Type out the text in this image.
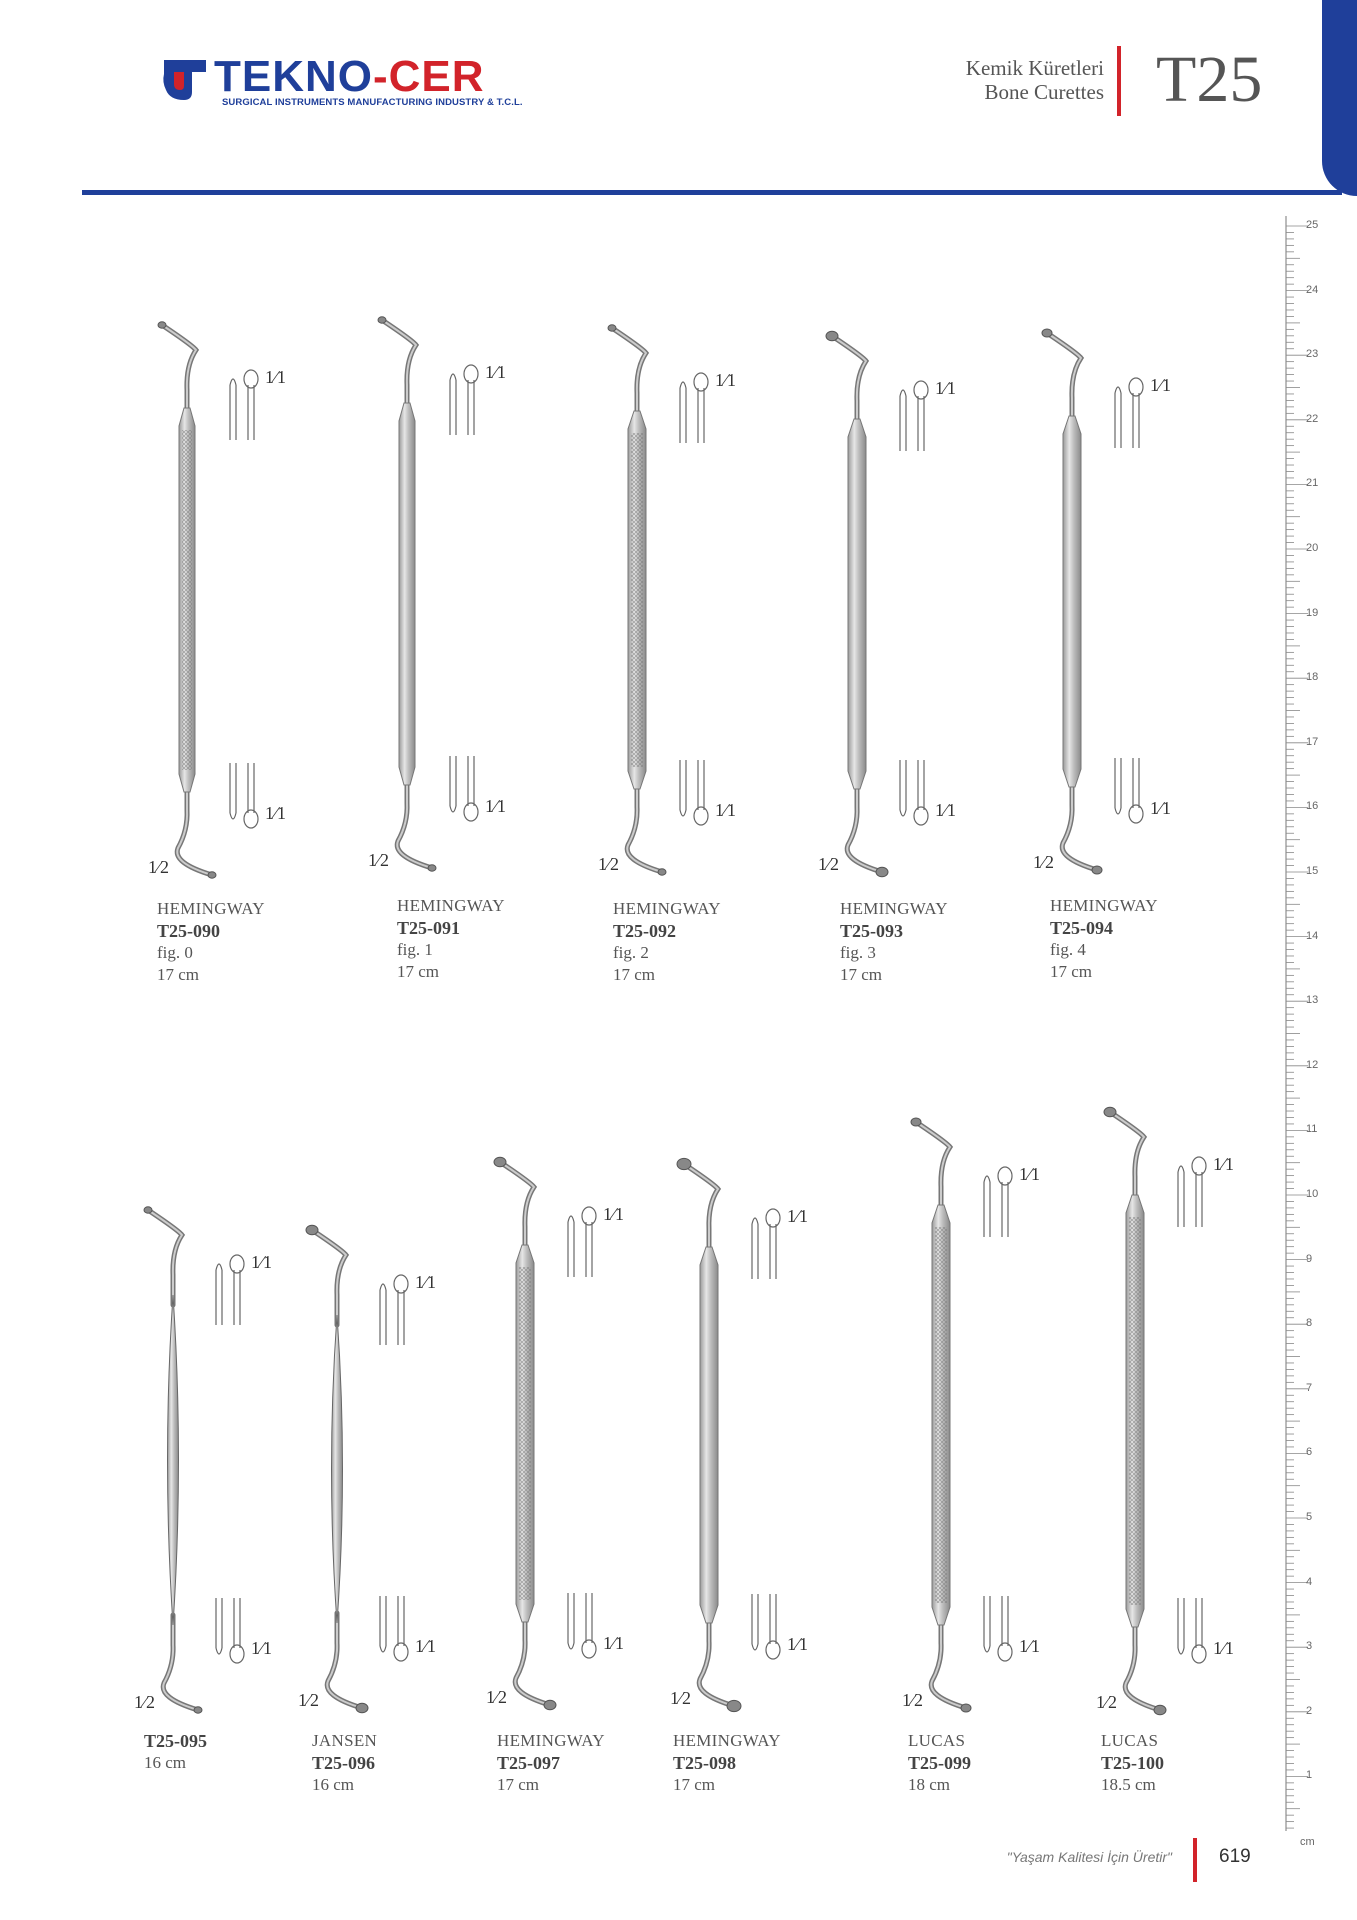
TEKNO-CER
SURGICAL INSTRUMENTS MANUFACTURING INDUSTRY & T.C.L.
Kemik Küretleri
Bone Curettes T25
25
24
23
22
21
20
19
18
17
16
15
14
13
12
11
10
9
8
7
6
5
4
3
2
1
cm
1⁄1
1⁄1
1⁄2
HEMINGWAY
T25-090
fig. 0
17 cm
1⁄1
1⁄1
1⁄2
HEMINGWAY
T25-091
fig. 1
17 cm
1⁄1
1⁄1
1⁄2
HEMINGWAY
T25-092
fig. 2
17 cm
1⁄1
1⁄1
1⁄2
HEMINGWAY
T25-093
fig. 3
17 cm
1⁄1
1⁄1
1⁄2
HEMINGWAY
T25-094
fig. 4
17 cm
1⁄1
1⁄1
1⁄2
T25-095
16 cm
1⁄1
1⁄1
1⁄2
JANSEN
T25-096
16 cm
1⁄1
1⁄1
1⁄2
HEMINGWAY
T25-097
17 cm
1⁄1
1⁄1
1⁄2
HEMINGWAY
T25-098
17 cm
1⁄1
1⁄1
1⁄2
LUCAS
T25-099
18 cm
1⁄1
1⁄1
1⁄2
LUCAS
T25-100
18.5 cm
"Yaşam Kalitesi İçin Üretir" 619
